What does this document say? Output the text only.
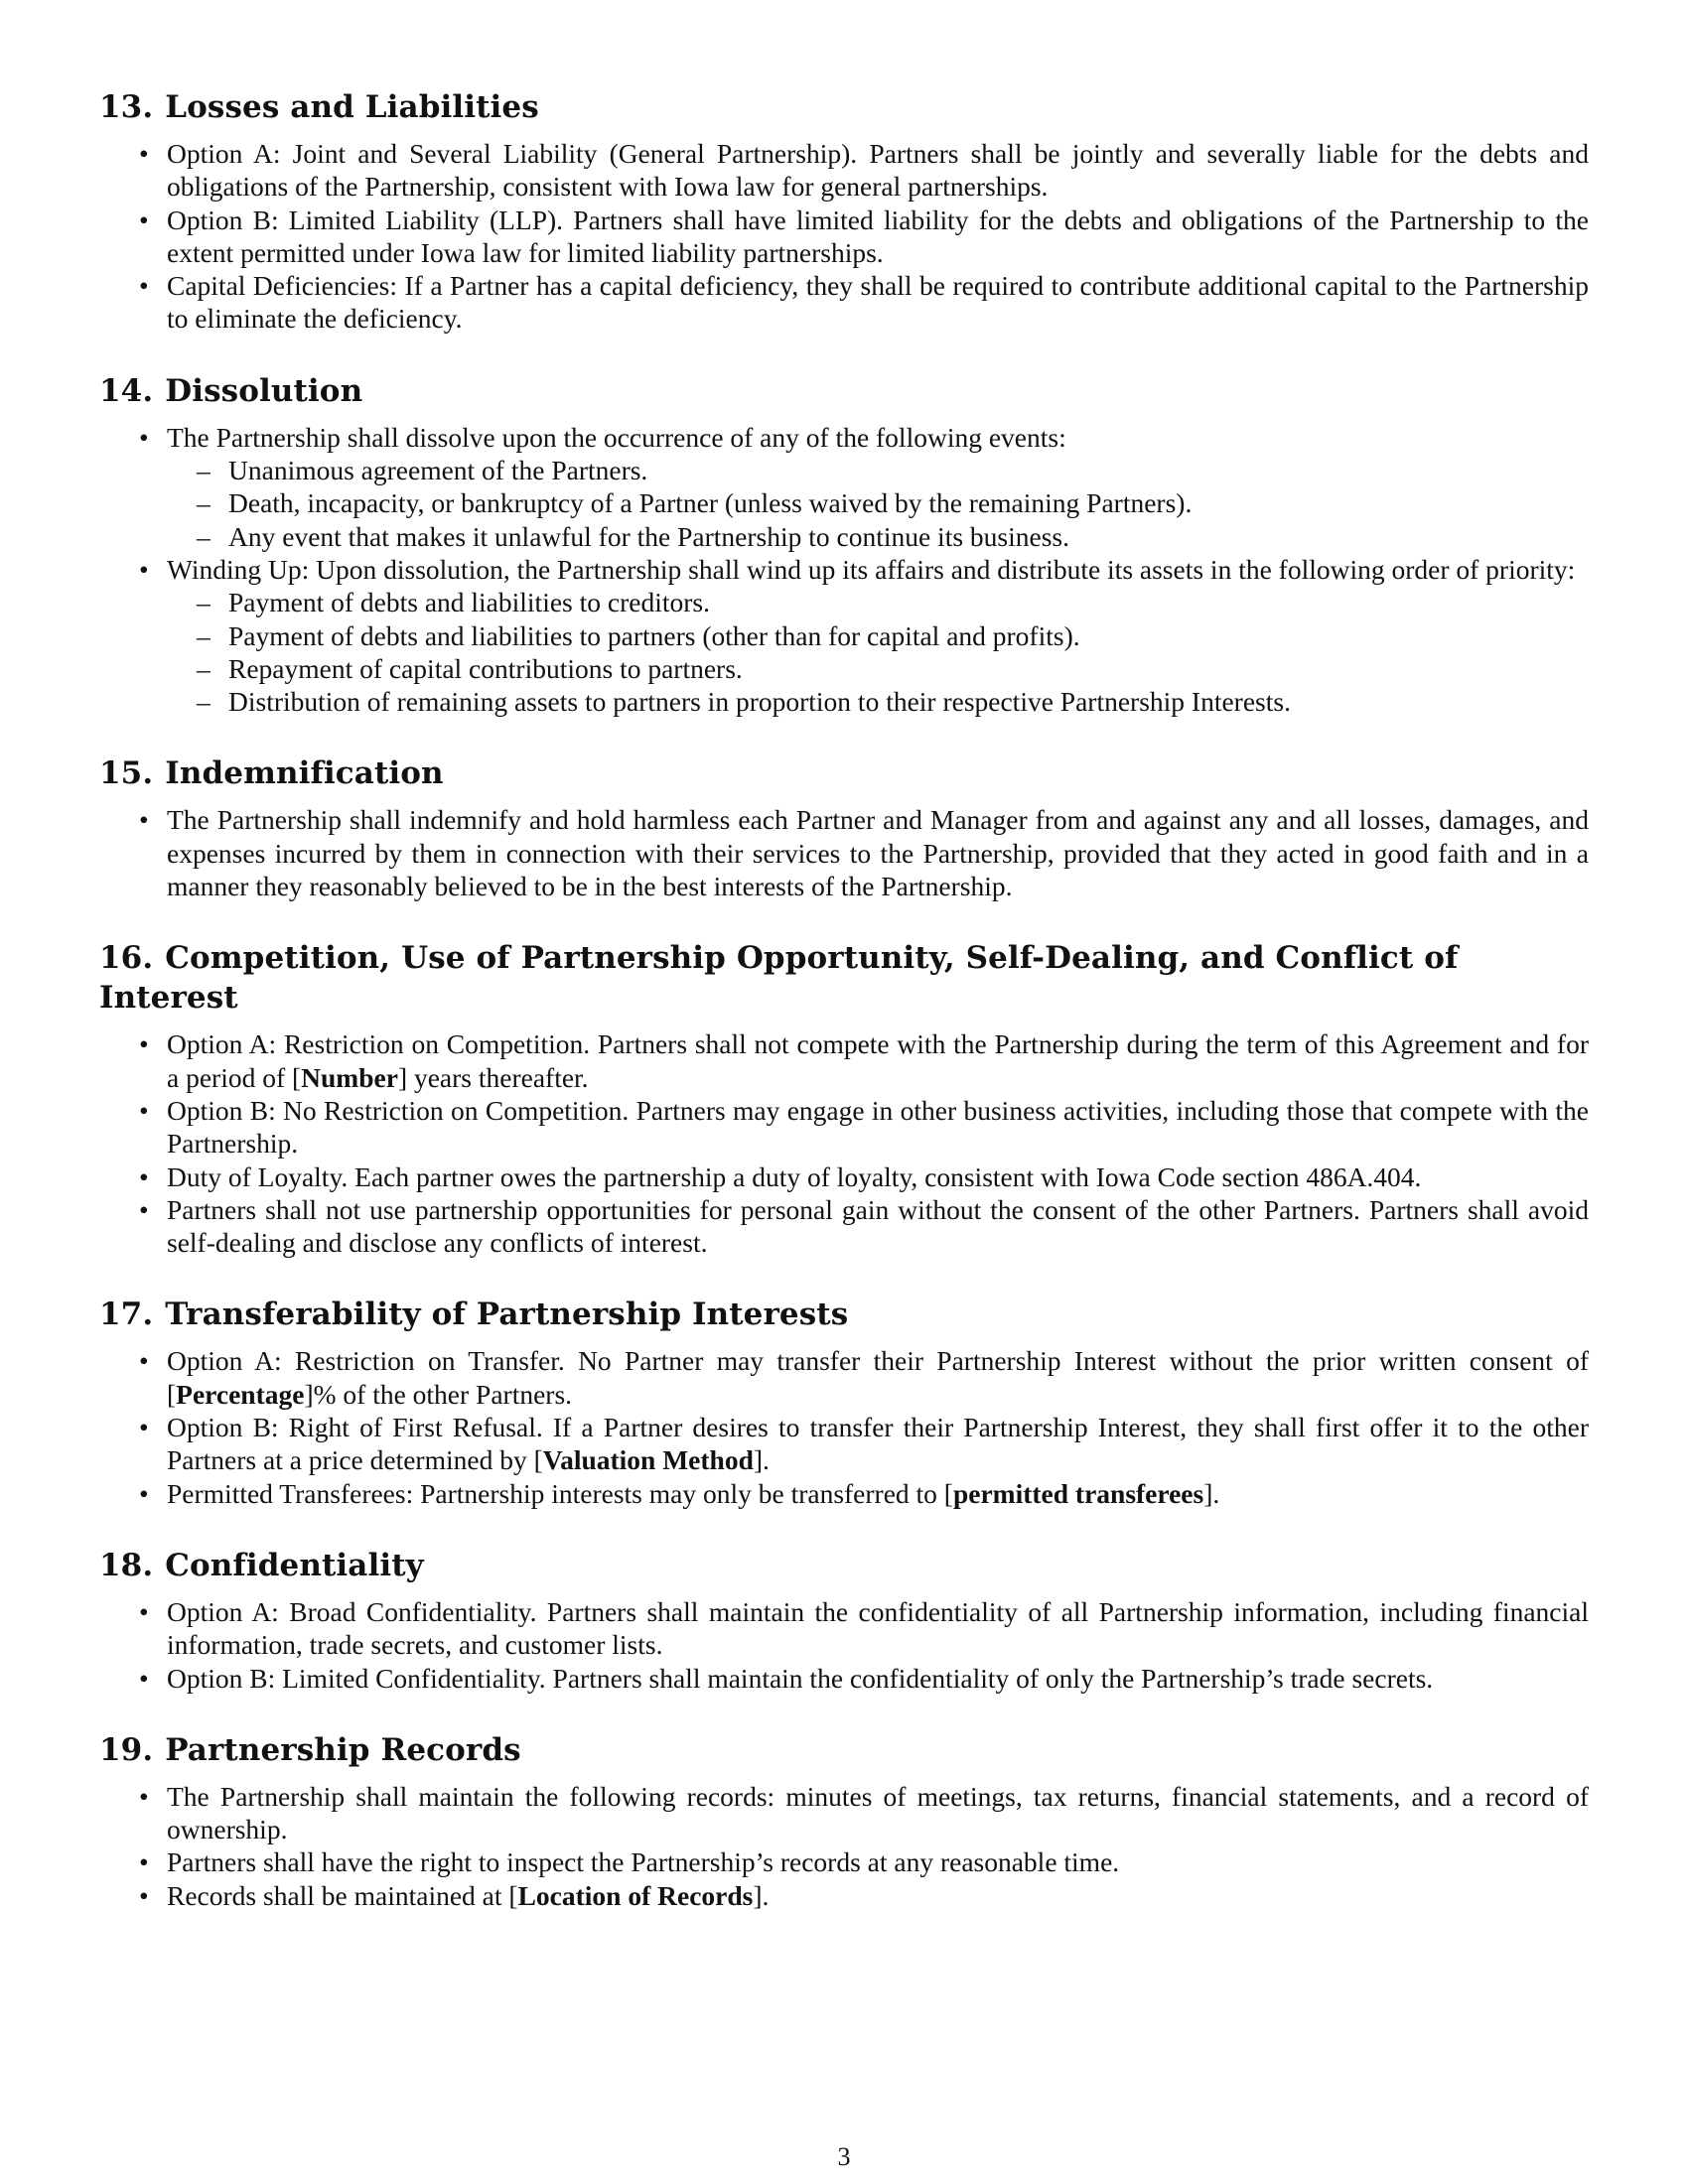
13. Losses and Liabilities
• Option A: Joint and Several Liability (General Partnership). Partners shall be jointly and severally liable for the debts and obligations of the Partnership, consistent with Iowa law for general partnerships.
• Option B: Limited Liability (LLP). Partners shall have limited liability for the debts and obligations of the Partnership to the extent permitted under Iowa law for limited liability partnerships.
• Capital Deficiencies: If a Partner has a capital deficiency, they shall be required to contribute additional capital to the Partnership to eliminate the deficiency.
14. Dissolution
• The Partnership shall dissolve upon the occurrence of any of the following events:
– Unanimous agreement of the Partners.
– Death, incapacity, or bankruptcy of a Partner (unless waived by the remaining Partners).
– Any event that makes it unlawful for the Partnership to continue its business.
• Winding Up: Upon dissolution, the Partnership shall wind up its affairs and distribute its assets in the following order of priority:
– Payment of debts and liabilities to creditors.
– Payment of debts and liabilities to partners (other than for capital and profits).
– Repayment of capital contributions to partners.
– Distribution of remaining assets to partners in proportion to their respective Partnership Interests.
15. Indemnification
• The Partnership shall indemnify and hold harmless each Partner and Manager from and against any and all losses, damages, and expenses incurred by them in connection with their services to the Partnership, provided that they acted in good faith and in a manner they reasonably believed to be in the best interests of the Partnership.
16. Competition, Use of Partnership Opportunity, Self-Dealing, and Conflict of Interest
• Option A: Restriction on Competition. Partners shall not compete with the Partnership during the term of this Agreement and for a period of [Number] years thereafter.
• Option B: No Restriction on Competition. Partners may engage in other business activities, including those that compete with the Partnership.
• Duty of Loyalty. Each partner owes the partnership a duty of loyalty, consistent with Iowa Code section 486A.404.
• Partners shall not use partnership opportunities for personal gain without the consent of the other Partners. Partners shall avoid self-dealing and disclose any conflicts of interest.
17. Transferability of Partnership Interests
• Option A: Restriction on Transfer. No Partner may transfer their Partnership Interest without the prior written consent of [Percentage]% of the other Partners.
• Option B: Right of First Refusal. If a Partner desires to transfer their Partnership Interest, they shall first offer it to the other Partners at a price determined by [Valuation Method].
• Permitted Transferees: Partnership interests may only be transferred to [permitted transferees].
18. Confidentiality
• Option A: Broad Confidentiality. Partners shall maintain the confidentiality of all Partnership information, including financial information, trade secrets, and customer lists.
• Option B: Limited Confidentiality. Partners shall maintain the confidentiality of only the Partnership’s trade secrets.
19. Partnership Records
• The Partnership shall maintain the following records: minutes of meetings, tax returns, financial statements, and a record of ownership.
• Partners shall have the right to inspect the Partnership’s records at any reasonable time.
• Records shall be maintained at [Location of Records].
3
